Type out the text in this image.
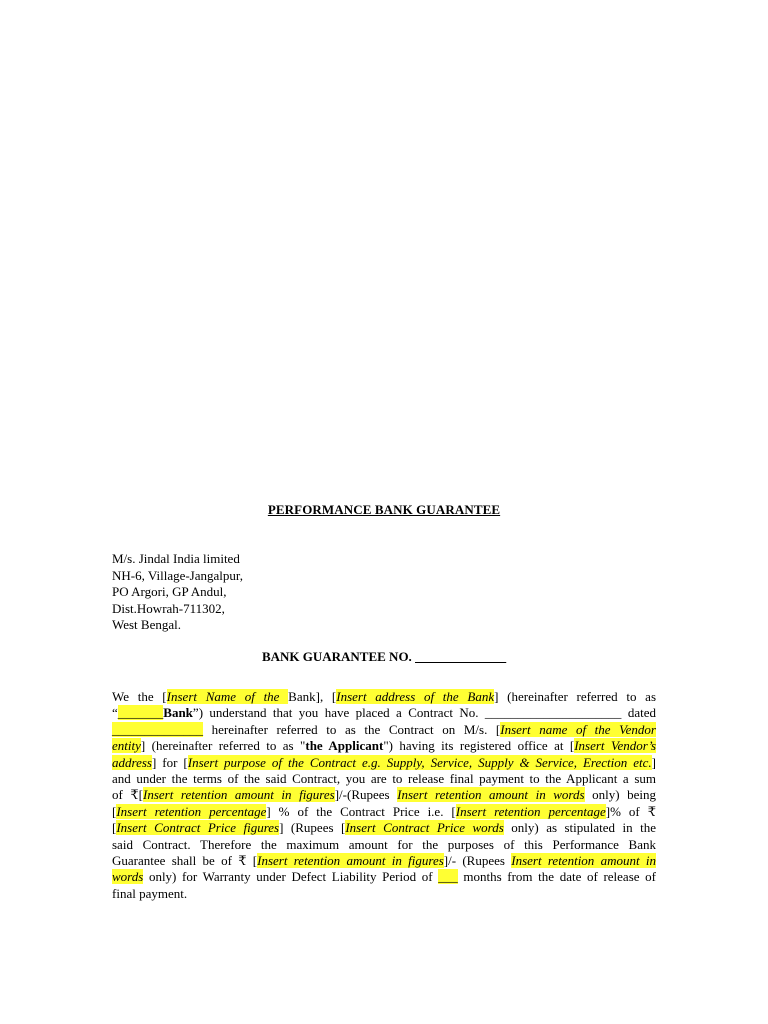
PERFORMANCE BANK GUARANTEE
M/s. Jindal India limited
NH-6, Village-Jangalpur,
PO Argori, GP Andul,
Dist.Howrah-711302,
West Bengal.
BANK GUARANTEE NO. ______________
We the [Insert Name of the Bank], [Insert address of the Bank] (hereinafter referred to as
“_______Bank”) understand that you have placed a Contract No. _____________________ dated
______________ hereinafter referred to as the Contract on M/s. [Insert name of the Vendor
entity] (hereinafter referred to as "the Applicant") having its registered office at [Insert Vendor’s
address] for [Insert purpose of the Contract e.g. Supply, Service, Supply & Service, Erection etc.]
and under the terms of the said Contract, you are to release final payment to the Applicant a sum
of ₹[Insert retention amount in figures]/-(Rupees Insert retention amount in words only) being
[Insert retention percentage] % of the Contract Price i.e. [Insert retention percentage]% of ₹
[Insert Contract Price figures] (Rupees [Insert Contract Price words only) as stipulated in the
said Contract. Therefore the maximum amount for the purposes of this Performance Bank
Guarantee shall be of ₹ [Insert retention amount in figures]/- (Rupees Insert retention amount in
words only) for Warranty under Defect Liability Period of ___ months from the date of release of
final payment.
